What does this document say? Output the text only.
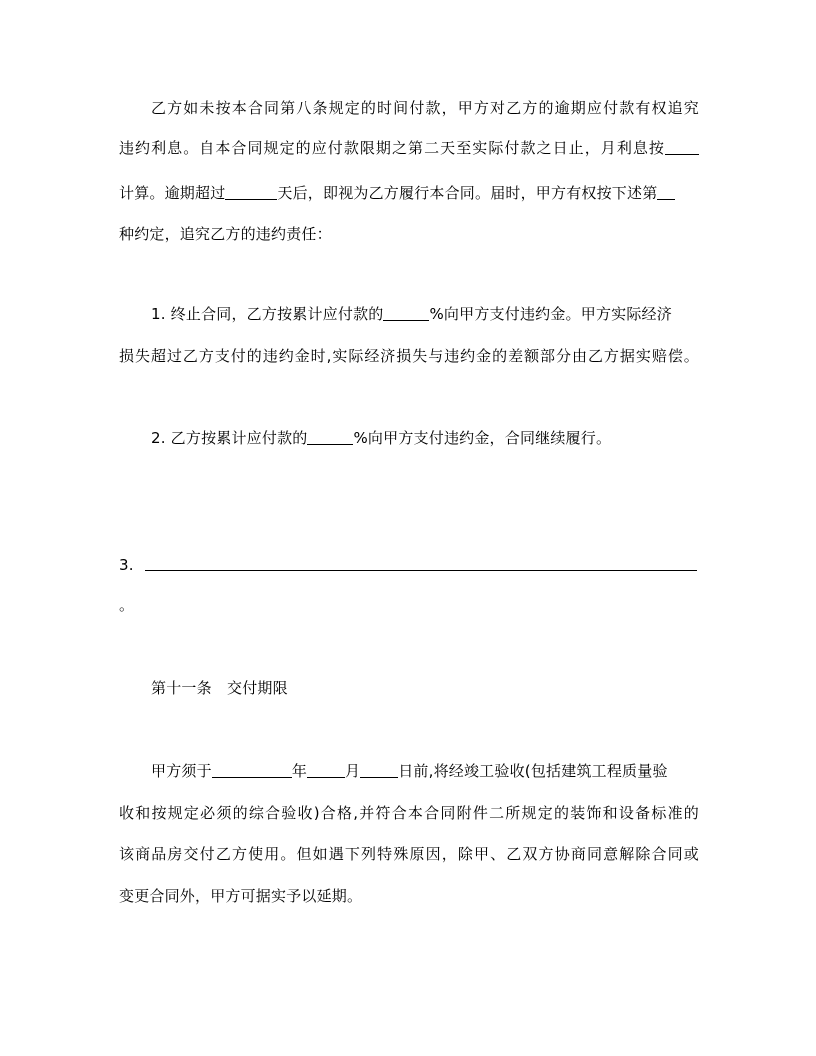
乙方如未按本合同第八条规定的时间付款，甲方对乙方的逾期应付款有权追究
违约利息。自本合同规定的应付款限期之第二天至实际付款之日止，月利息按
计算。逾期超过	天后，即视为乙方履行本合同。届时，甲方有权按下述第
种约定，追究乙方的违约责任：
1. 终止合同，乙方按累计应付款的	%向甲方支付违约金。甲方实际经济
损失超过乙方支付的违约金时,实际经济损失与违约金的差额部分由乙方据实赔偿。
2. 乙方按累计应付款的	%向甲方支付违约金，合同继续履行。
3.
。
第十一条　交付期限
甲方须于	年	月	日前,将经竣工验收(包括建筑工程质量验
收和按规定必须的综合验收)合格,并符合本合同附件二所规定的装饰和设备标准的
该商品房交付乙方使用。但如遇下列特殊原因，除甲、乙双方协商同意解除合同或
变更合同外，甲方可据实予以延期。
